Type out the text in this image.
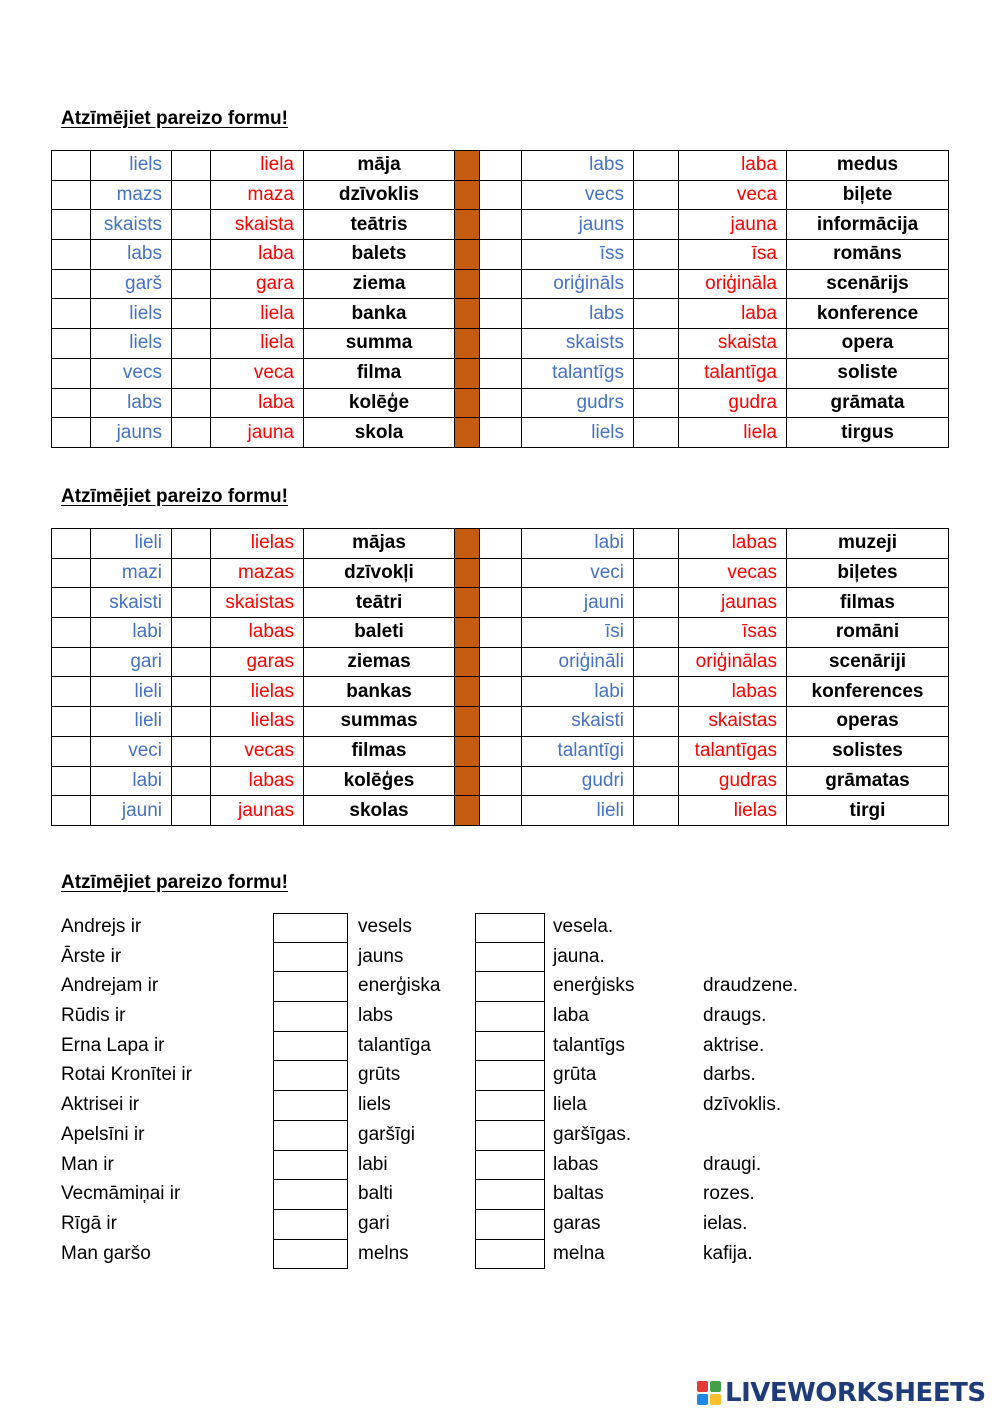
Atzīmējiet pareizo formu!
	liels		liela	māja			labs		laba	medus
	mazs		maza	dzīvoklis			vecs		veca	biļete
	skaists		skaista	teātris			jauns		jauna	informācija
	labs		laba	balets			īss		īsa	romāns
	garš		gara	ziema			oriģināls		oriģināla	scenārijs
	liels		liela	banka			labs		laba	konference
	liels		liela	summa			skaists		skaista	opera
	vecs		veca	filma			talantīgs		talantīga	soliste
	labs		laba	kolēģe			gudrs		gudra	grāmata
	jauns		jauna	skola			liels		liela	tirgus
Atzīmējiet pareizo formu!
	lieli		lielas	mājas			labi		labas	muzeji
	mazi		mazas	dzīvokļi			veci		vecas	biļetes
	skaisti		skaistas	teātri			jauni		jaunas	filmas
	labi		labas	baleti			īsi		īsas	romāni
	gari		garas	ziemas			oriģināli		oriģinālas	scenāriji
	lieli		lielas	bankas			labi		labas	konferences
	lieli		lielas	summas			skaisti		skaistas	operas
	veci		vecas	filmas			talantīgi		talantīgas	solistes
	labi		labas	kolēģes			gudri		gudras	grāmatas
	jauni		jaunas	skolas			lieli		lielas	tirgi
Atzīmējiet pareizo formu!
Andrejs ir	vesels	vesela.
Ārste ir	jauns	jauna.
Andrejam ir	enerģiska	enerģisks	draudzene.
Rūdis ir	labs	laba	draugs.
Erna Lapa ir	talantīga	talantīgs	aktrise.
Rotai Kronītei ir	grūts	grūta	darbs.
Aktrisei ir	liels	liela	dzīvoklis.
Apelsīni ir	garšīgi	garšīgas.
Man ir	labi	labas	draugi.
Vecmāmiņai ir	balti	baltas	rozes.
Rīgā ir	gari	garas	ielas.
Man garšo	melns	melna	kafija.
LIVEWORKSHEETS
